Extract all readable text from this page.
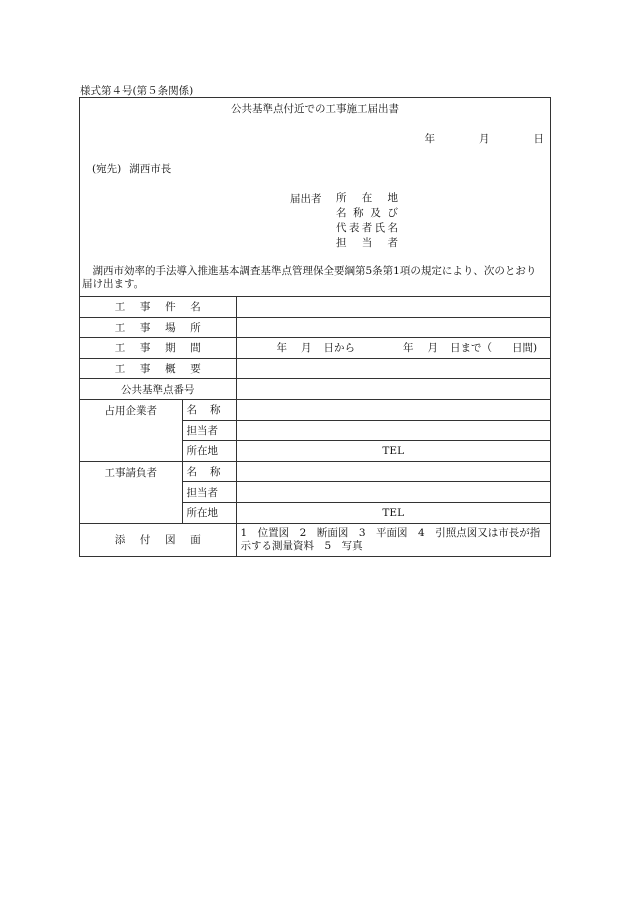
様式第４号(第５条関係)
公共基準点付近での工事施工届出書
年	月	日
(宛先) 湖西市長
届出者 所在地
名称及び
代表者氏名
担当者
湖西市効率的手法導入推進基本調査基準点管理保全要綱第5条第1項の規定により、次のとおり届け出ます。
工事件名		
工事場所		
工事期間		年 月 日から 年 月 日まで（ 日間)
工事概要		
公共基準点番号		
占用企業者	名称	
	担当者	
	所在地	TEL
工事請負者	名称	
	担当者	
	所在地	TEL
添付図面		1　位置図　2　断面図　3　平面図　4　引照点図又は市長が指示する測量資料　5　写真
